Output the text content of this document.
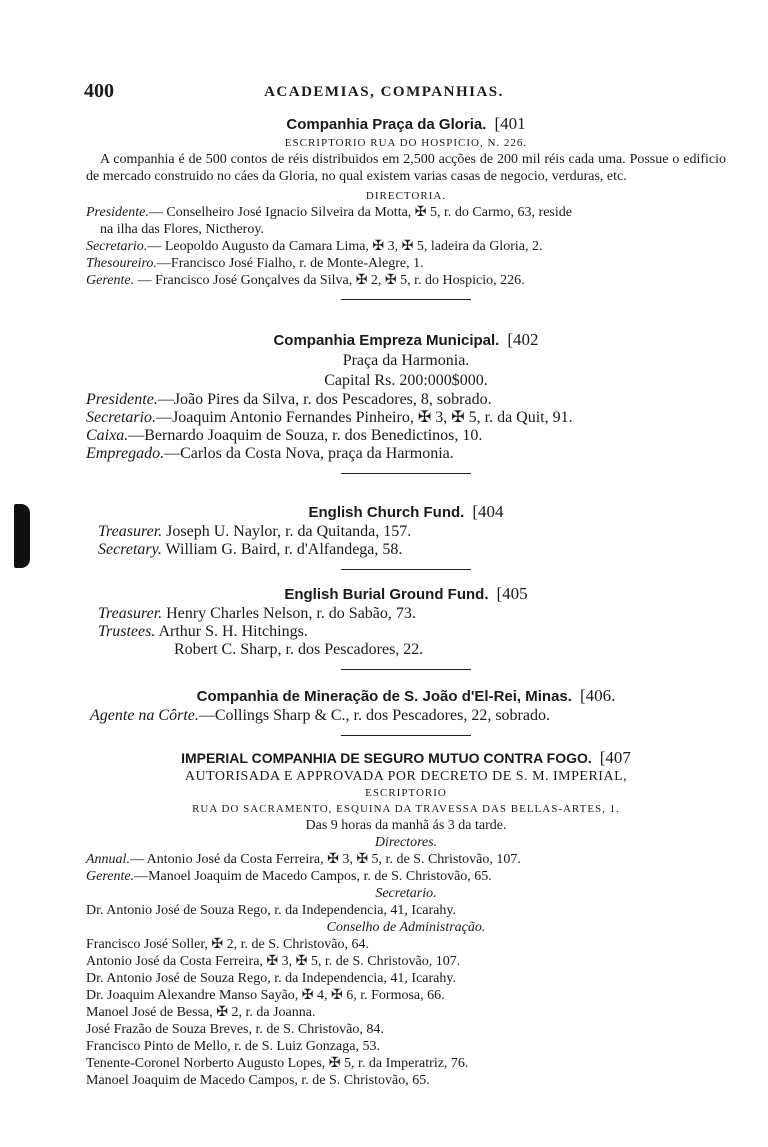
400	ACADEMIAS, COMPANHIAS.
Companhia Praça da Gloria. [401
ESCRIPTORIO RUA DO HOSPICIO, N. 226.
A companhia é de 500 contos de réis distribuidos em 2,500 acções de 200 mil réis cada uma. Possue o edificio de mercado construido no cáes da Gloria, no qual existem varias casas de negocio, verduras, etc.
DIRECTORIA.
Presidente.— Conselheiro José Ignacio Silveira da Motta, ✠ 5, r. do Carmo, 63, reside
na ilha das Flores, Nictheroy.
Secretario.— Leopoldo Augusto da Camara Lima, ✠ 3, ✠ 5, ladeira da Gloria, 2.
Thesoureiro.—Francisco José Fialho, r. de Monte-Alegre, 1.
Gerente. — Francisco José Gonçalves da Silva, ✠ 2, ✠ 5, r. do Hospicio, 226.
Companhia Empreza Municipal. [402
Praça da Harmonia.
Capital Rs. 200:000$000.
Presidente.—João Pires da Silva, r. dos Pescadores, 8, sobrado.
Secretario.—Joaquim Antonio Fernandes Pinheiro, ✠ 3, ✠ 5, r. da Quit, 91.
Caixa.—Bernardo Joaquim de Souza, r. dos Benedictinos, 10.
Empregado.—Carlos da Costa Nova, praça da Harmonia.
English Church Fund. [404
Treasurer. Joseph U. Naylor, r. da Quitanda, 157.
Secretary. William G. Baird, r. d'Alfandega, 58.
English Burial Ground Fund. [405
Treasurer. Henry Charles Nelson, r. do Sabão, 73.
Trustees. Arthur S. H. Hitchings.
Robert C. Sharp, r. dos Pescadores, 22.
Companhia de Mineração de S. João d'El-Rei, Minas. [406.
Agente na Côrte.—Collings Sharp & C., r. dos Pescadores, 22, sobrado.
IMPERIAL COMPANHIA DE SEGURO MUTUO CONTRA FOGO. [407
AUTORISADA E APPROVADA POR DECRETO DE S. M. IMPERIAL,
ESCRIPTORIO
RUA DO SACRAMENTO, ESQUINA DA TRAVESSA DAS BELLAS-ARTES, 1.
Das 9 horas da manhã ás 3 da tarde.
Directores.
Annual.— Antonio José da Costa Ferreira, ✠ 3, ✠ 5, r. de S. Christovão, 107.
Gerente.—Manoel Joaquim de Macedo Campos, r. de S. Christovão, 65.
Secretario.
Dr. Antonio José de Souza Rego, r. da Independencia, 41, Icarahy.
Conselho de Administração.
Francisco José Soller, ✠ 2, r. de S. Christovão, 64.
Antonio José da Costa Ferreira, ✠ 3, ✠ 5, r. de S. Christovão, 107.
Dr. Antonio José de Souza Rego, r. da Independencia, 41, Icarahy.
Dr. Joaquim Alexandre Manso Sayão, ✠ 4, ✠ 6, r. Formosa, 66.
Manoel José de Bessa, ✠ 2, r. da Joanna.
José Frazão de Souza Breves, r. de S. Christovão, 84.
Francisco Pinto de Mello, r. de S. Luiz Gonzaga, 53.
Tenente-Coronel Norberto Augusto Lopes, ✠ 5, r. da Imperatriz, 76.
Manoel Joaquim de Macedo Campos, r. de S. Christovão, 65.
